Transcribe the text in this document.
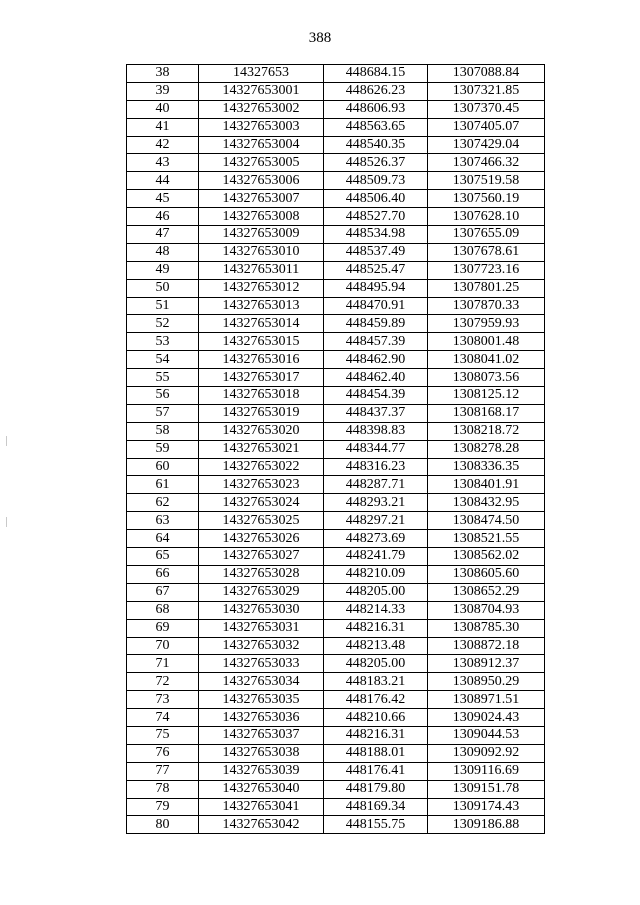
388
38	14327653	448684.15	1307088.84
39	14327653001	448626.23	1307321.85
40	14327653002	448606.93	1307370.45
41	14327653003	448563.65	1307405.07
42	14327653004	448540.35	1307429.04
43	14327653005	448526.37	1307466.32
44	14327653006	448509.73	1307519.58
45	14327653007	448506.40	1307560.19
46	14327653008	448527.70	1307628.10
47	14327653009	448534.98	1307655.09
48	14327653010	448537.49	1307678.61
49	14327653011	448525.47	1307723.16
50	14327653012	448495.94	1307801.25
51	14327653013	448470.91	1307870.33
52	14327653014	448459.89	1307959.93
53	14327653015	448457.39	1308001.48
54	14327653016	448462.90	1308041.02
55	14327653017	448462.40	1308073.56
56	14327653018	448454.39	1308125.12
57	14327653019	448437.37	1308168.17
58	14327653020	448398.83	1308218.72
59	14327653021	448344.77	1308278.28
60	14327653022	448316.23	1308336.35
61	14327653023	448287.71	1308401.91
62	14327653024	448293.21	1308432.95
63	14327653025	448297.21	1308474.50
64	14327653026	448273.69	1308521.55
65	14327653027	448241.79	1308562.02
66	14327653028	448210.09	1308605.60
67	14327653029	448205.00	1308652.29
68	14327653030	448214.33	1308704.93
69	14327653031	448216.31	1308785.30
70	14327653032	448213.48	1308872.18
71	14327653033	448205.00	1308912.37
72	14327653034	448183.21	1308950.29
73	14327653035	448176.42	1308971.51
74	14327653036	448210.66	1309024.43
75	14327653037	448216.31	1309044.53
76	14327653038	448188.01	1309092.92
77	14327653039	448176.41	1309116.69
78	14327653040	448179.80	1309151.78
79	14327653041	448169.34	1309174.43
80	14327653042	448155.75	1309186.88
